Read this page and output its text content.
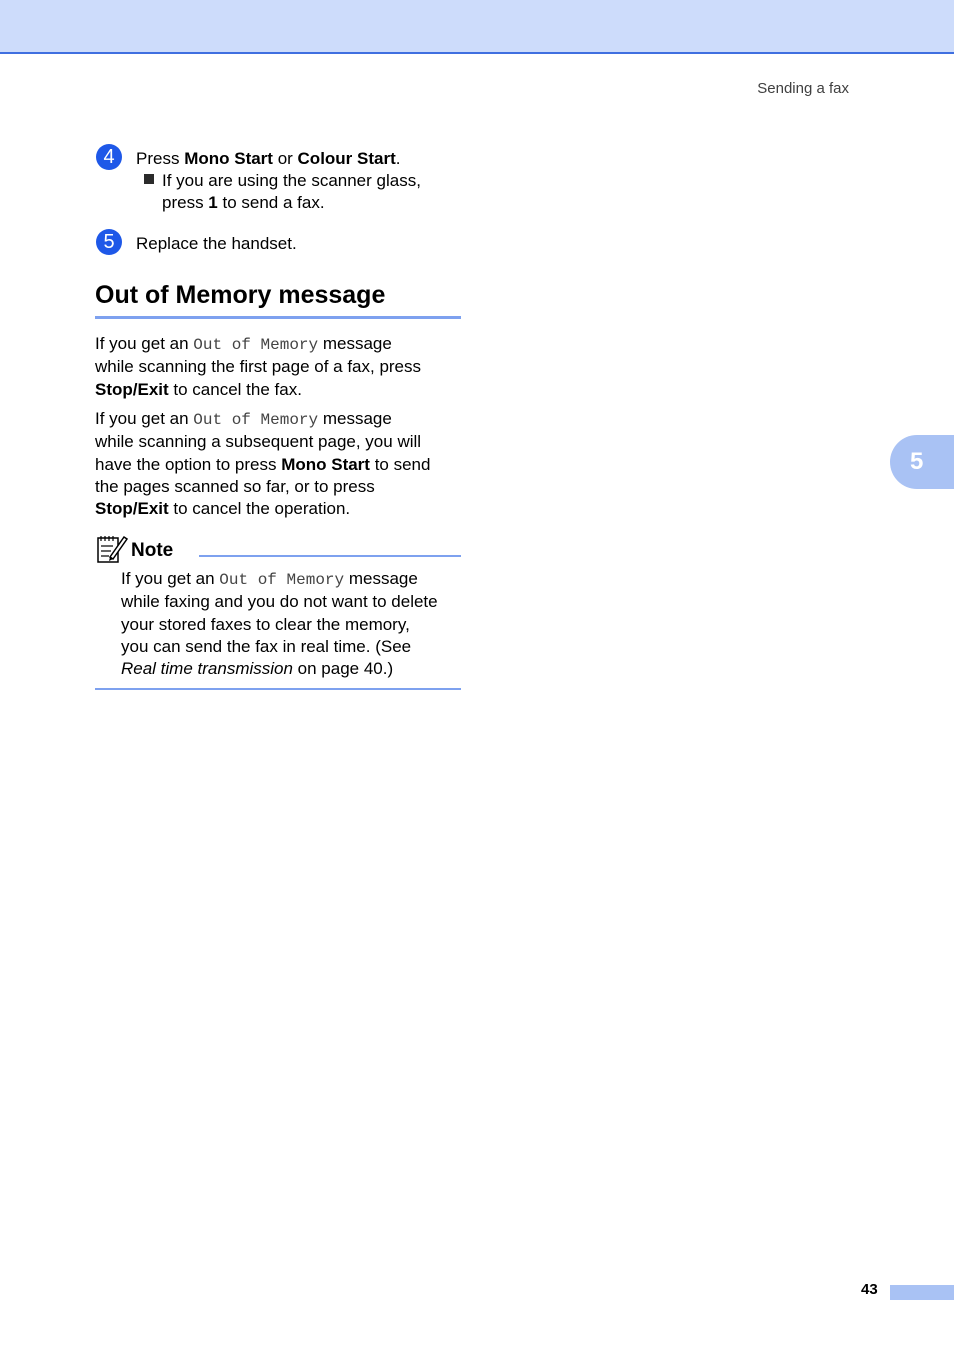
Sending a fax
4	Press Mono Start or Colour Start.
If you are using the scanner glass,
press 1 to send a fax.
5	Replace the handset.
Out of Memory message

If you get an Out of Memory message
while scanning the first page of a fax, press
Stop/Exit to cancel the fax.

If you get an Out of Memory message
while scanning a subsequent page, you will
have the option to press Mono Start to send
the pages scanned so far, or to press
Stop/Exit to cancel the operation.

Note

If you get an Out of Memory message
while faxing and you do not want to delete
your stored faxes to clear the memory,
you can send the fax in real time. (See
Real time transmission on page 40.)

5
43
